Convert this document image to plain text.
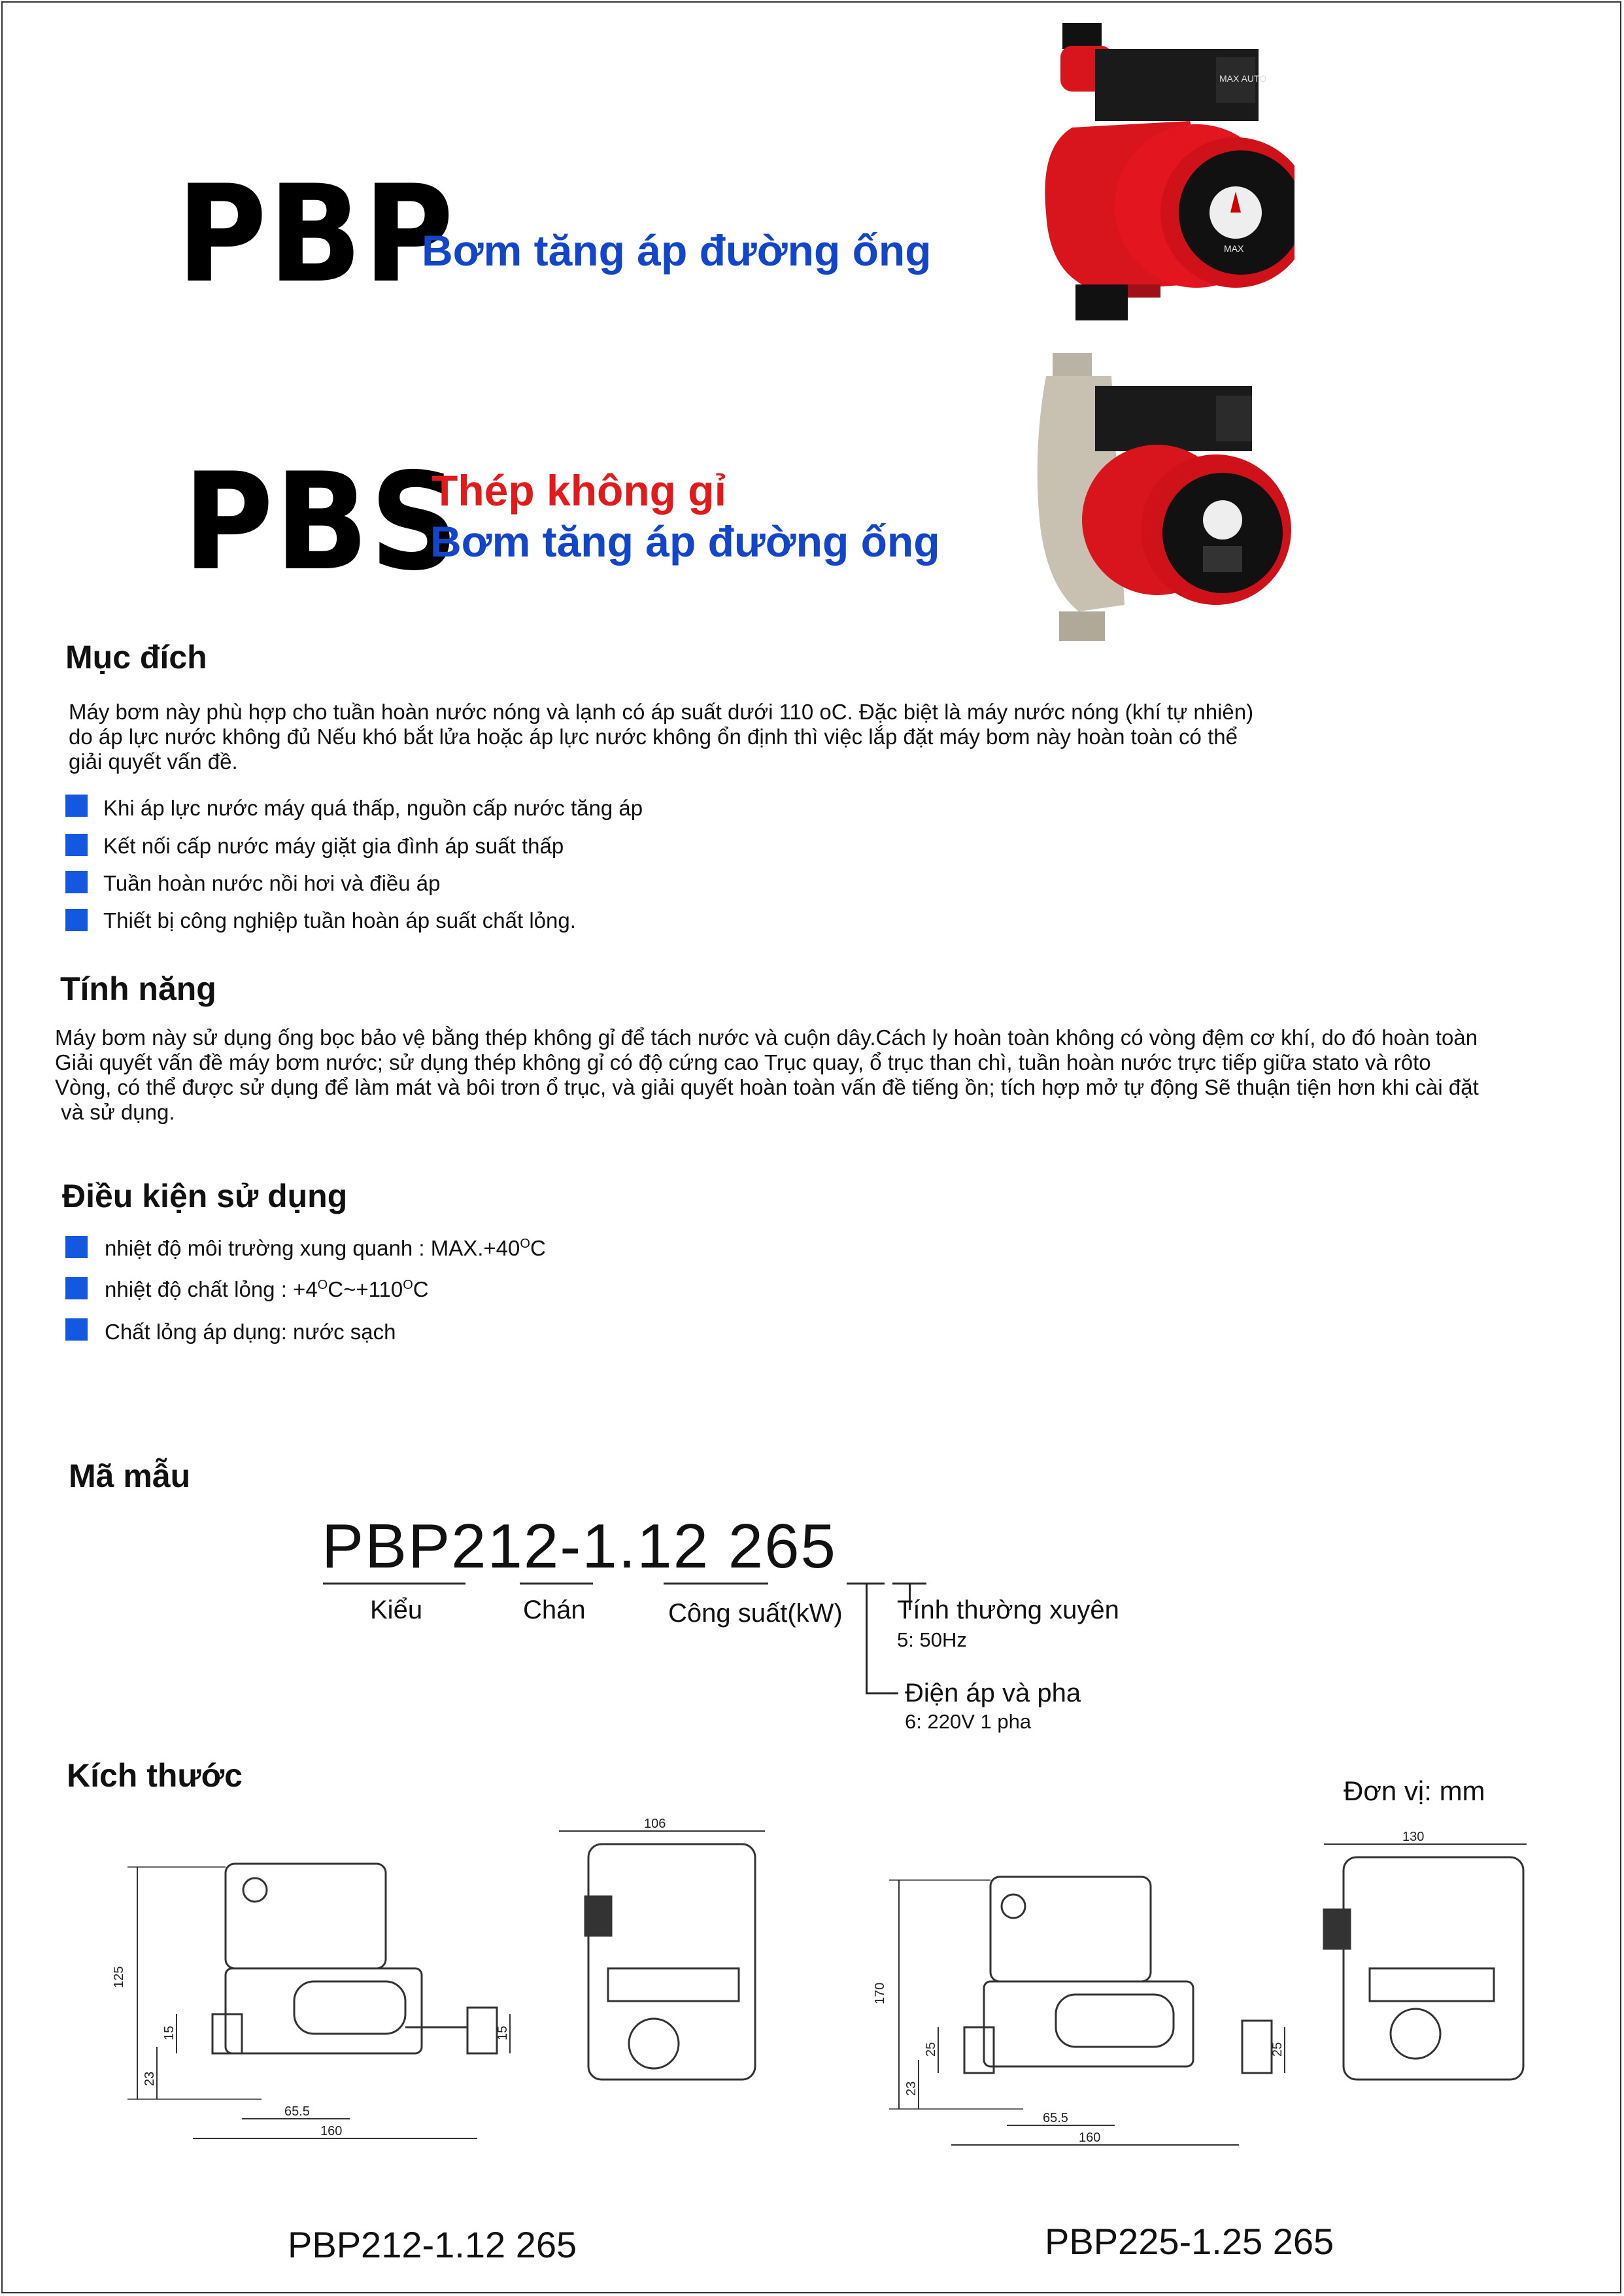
PBP
Bơm tăng áp đường ống
PBS
Thép không gỉ
Bơm tăng áp đường ống
MAX AUTO
MAX
Mục đích
Máy bơm này phù hợp cho tuần hoàn nước nóng và lạnh có áp suất dưới 110 oC. Đặc biệt là máy nước nóng (khí tự nhiên)
do áp lực nước không đủ Nếu khó bắt lửa hoặc áp lực nước không ổn định thì việc lắp đặt máy bơm này hoàn toàn có thể
giải quyết vấn đề.
Khi áp lực nước máy quá thấp, nguồn cấp nước tăng áp
Kết nối cấp nước máy giặt gia đình áp suất thấp
Tuần hoàn nước nồi hơi và điều áp
Thiết bị công nghiệp tuần hoàn áp suất chất lỏng.
Tính năng
Máy bơm này sử dụng ống bọc bảo vệ bằng thép không gỉ để tách nước và cuộn dây.Cách ly hoàn toàn không có vòng đệm cơ khí, do đó hoàn toàn
Giải quyết vấn đề máy bơm nước; sử dụng thép không gỉ có độ cứng cao Trục quay, ổ trục than chì, tuần hoàn nước trực tiếp giữa stato và rôto
Vòng, có thể được sử dụng để làm mát và bôi trơn ổ trục, và giải quyết hoàn toàn vấn đề tiếng ồn; tích hợp mở tự động Sẽ thuận tiện hơn khi cài đặt
và sử dụng.
Điều kiện sử dụng
nhiệt độ môi trường xung quanh : $MAX.+40^OC$
nhiệt độ chất lỏng : $+4^OC\sim+110^OC$
Chất lỏng áp dụng: nước sạch
Mã mẫu
PBP212-1.12 265
Kiểu	Chán	Công suất(kW) Tính thường xuyên
5: 50Hz
Điện áp và pha
6: 220V 1 pha
Kích thước	Đơn vị: mm
125
15
23
15
65.5
160
106
170
25
23
25
65.5
160
130
PBP212-1.12 265	PBP225-1.25 265
